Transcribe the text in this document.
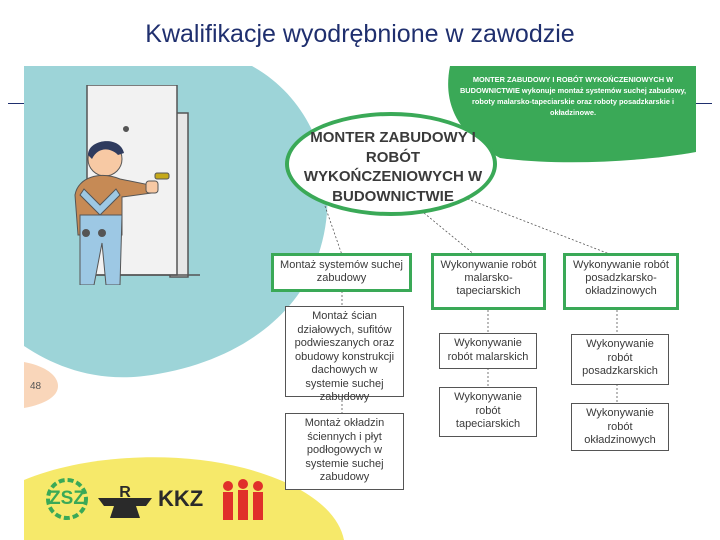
Kwalifikacje wyodrębnione w zawodzie
MONTER ZABUDOWY I ROBÓT WYKOŃCZENIOWYCH W BUDOWNICTWIE wykonuje montaż systemów suchej zabudowy, roboty malarsko-tapeciarskie oraz roboty posadzkarskie i okładzinowe.
48
MONTER ZABUDOWY I ROBÓT WYKOŃCZENIOWYCH W BUDOWNICTWIE
Montaż systemów suchej zabudowy
Wykonywanie robót malarsko-tapeciarskich
Wykonywanie robót posadzkarsko-okładzinowych
Montaż ścian działowych, sufitów podwieszanych oraz obudowy konstrukcji dachowych w systemie suchej zabudowy
Montaż okładzin ściennych i płyt podłogowych w systemie suchej zabudowy
Wykonywanie robót malarskich
Wykonywanie robót tapeciarskich
Wykonywanie robót posadzkarskich
Wykonywanie robót okładzinowych
ZSZ	R KKZ
